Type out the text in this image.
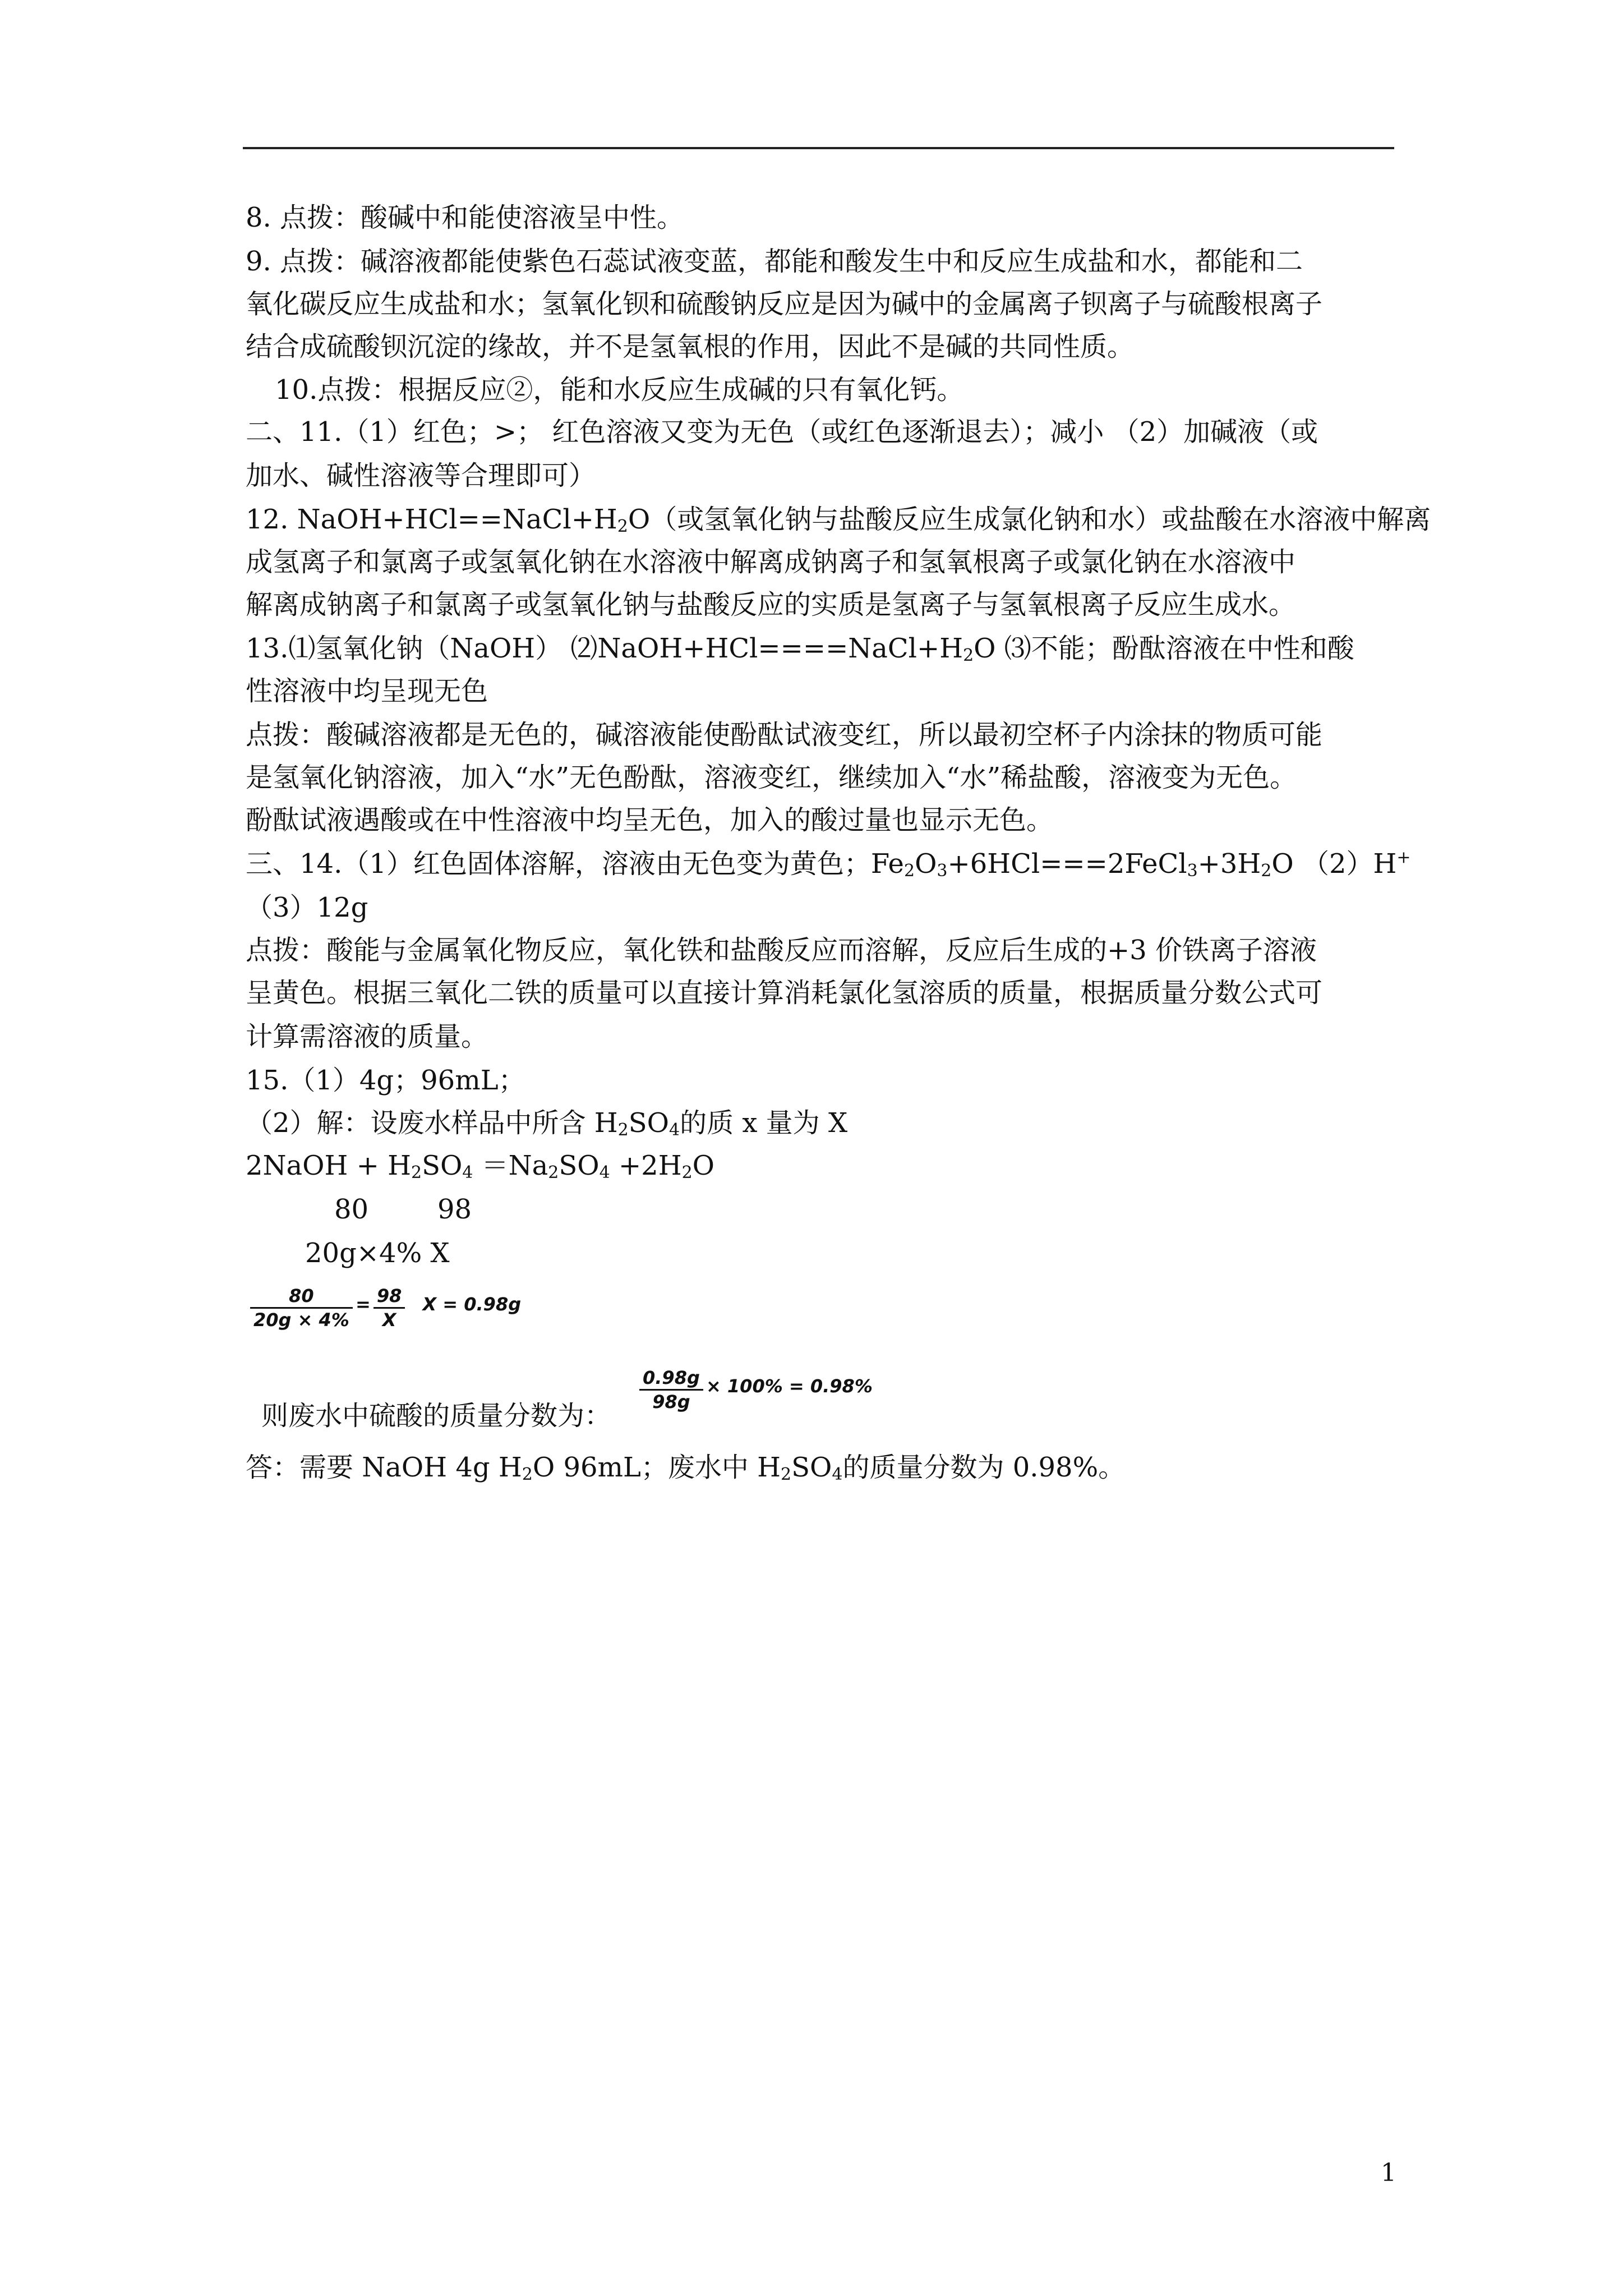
8. 点拨：酸碱中和能使溶液呈中性。
9. 点拨：碱溶液都能使紫色石蕊试液变蓝，都能和酸发生中和反应生成盐和水，都能和二
氧化碳反应生成盐和水；氢氧化钡和硫酸钠反应是因为碱中的金属离子钡离子与硫酸根离子
结合成硫酸钡沉淀的缘故，并不是氢氧根的作用，因此不是碱的共同性质。
10.点拨：根据反应②，能和水反应生成碱的只有氧化钙。
二、11.（1）红色；>； 红色溶液又变为无色（或红色逐渐退去）；减小 （2）加碱液（或
加水、碱性溶液等合理即可）
12. $NaOH+HCl==NaCl+H_2O$（或氢氧化钠与盐酸反应生成氯化钠和水）或盐酸在水溶液中解离
成氢离子和氯离子或氢氧化钠在水溶液中解离成钠离子和氢氧根离子或氯化钠在水溶液中
解离成钠离子和氯离子或氢氧化钠与盐酸反应的实质是氢离子与氢氧根离子反应生成水。
13.⑴氢氧化钠（NaOH） $⑵NaOH+HCl====NaCl+H_2O$ ⑶不能；酚酞溶液在中性和酸
性溶液中均呈现无色
点拨：酸碱溶液都是无色的，碱溶液能使酚酞试液变红，所以最初空杯子内涂抹的物质可能
是氢氧化钠溶液，加入“水”无色酚酞，溶液变红，继续加入“水”稀盐酸，溶液变为无色。
酚酞试液遇酸或在中性溶液中均呈无色，加入的酸过量也显示无色。
三、14.（1）红色固体溶解，溶液由无色变为黄色；$Fe_2O_3+6HCl===2FeCl_3+3H_2O$ （2）H+
（3）12g
点拨：酸能与金属氧化物反应，氧化铁和盐酸反应而溶解，反应后生成的+3 价铁离子溶液
呈黄色。根据三氧化二铁的质量可以直接计算消耗氯化氢溶质的质量，根据质量分数公式可
计算需溶液的质量。
15.（1）4g；96mL；
（2）解：设废水样品中所含 $H_2SO_4$的质 x 量为 X
2NaOH + $H_2SO_4 =Na_2SO_4 +2H_2O$
80	98
20g×4% X
$\frac{80}{20g \times 4\%} = \frac{98}{X}$ X = 0.98g
则废水中硫酸的质量分数为：
$\frac{0.98g}{98g} \times 100\% = 0.98\%$
答：需要 NaOH 4g $H_2O$ 96mL；废水中 $H_2SO_4$的质量分数为 0.98%。
1
